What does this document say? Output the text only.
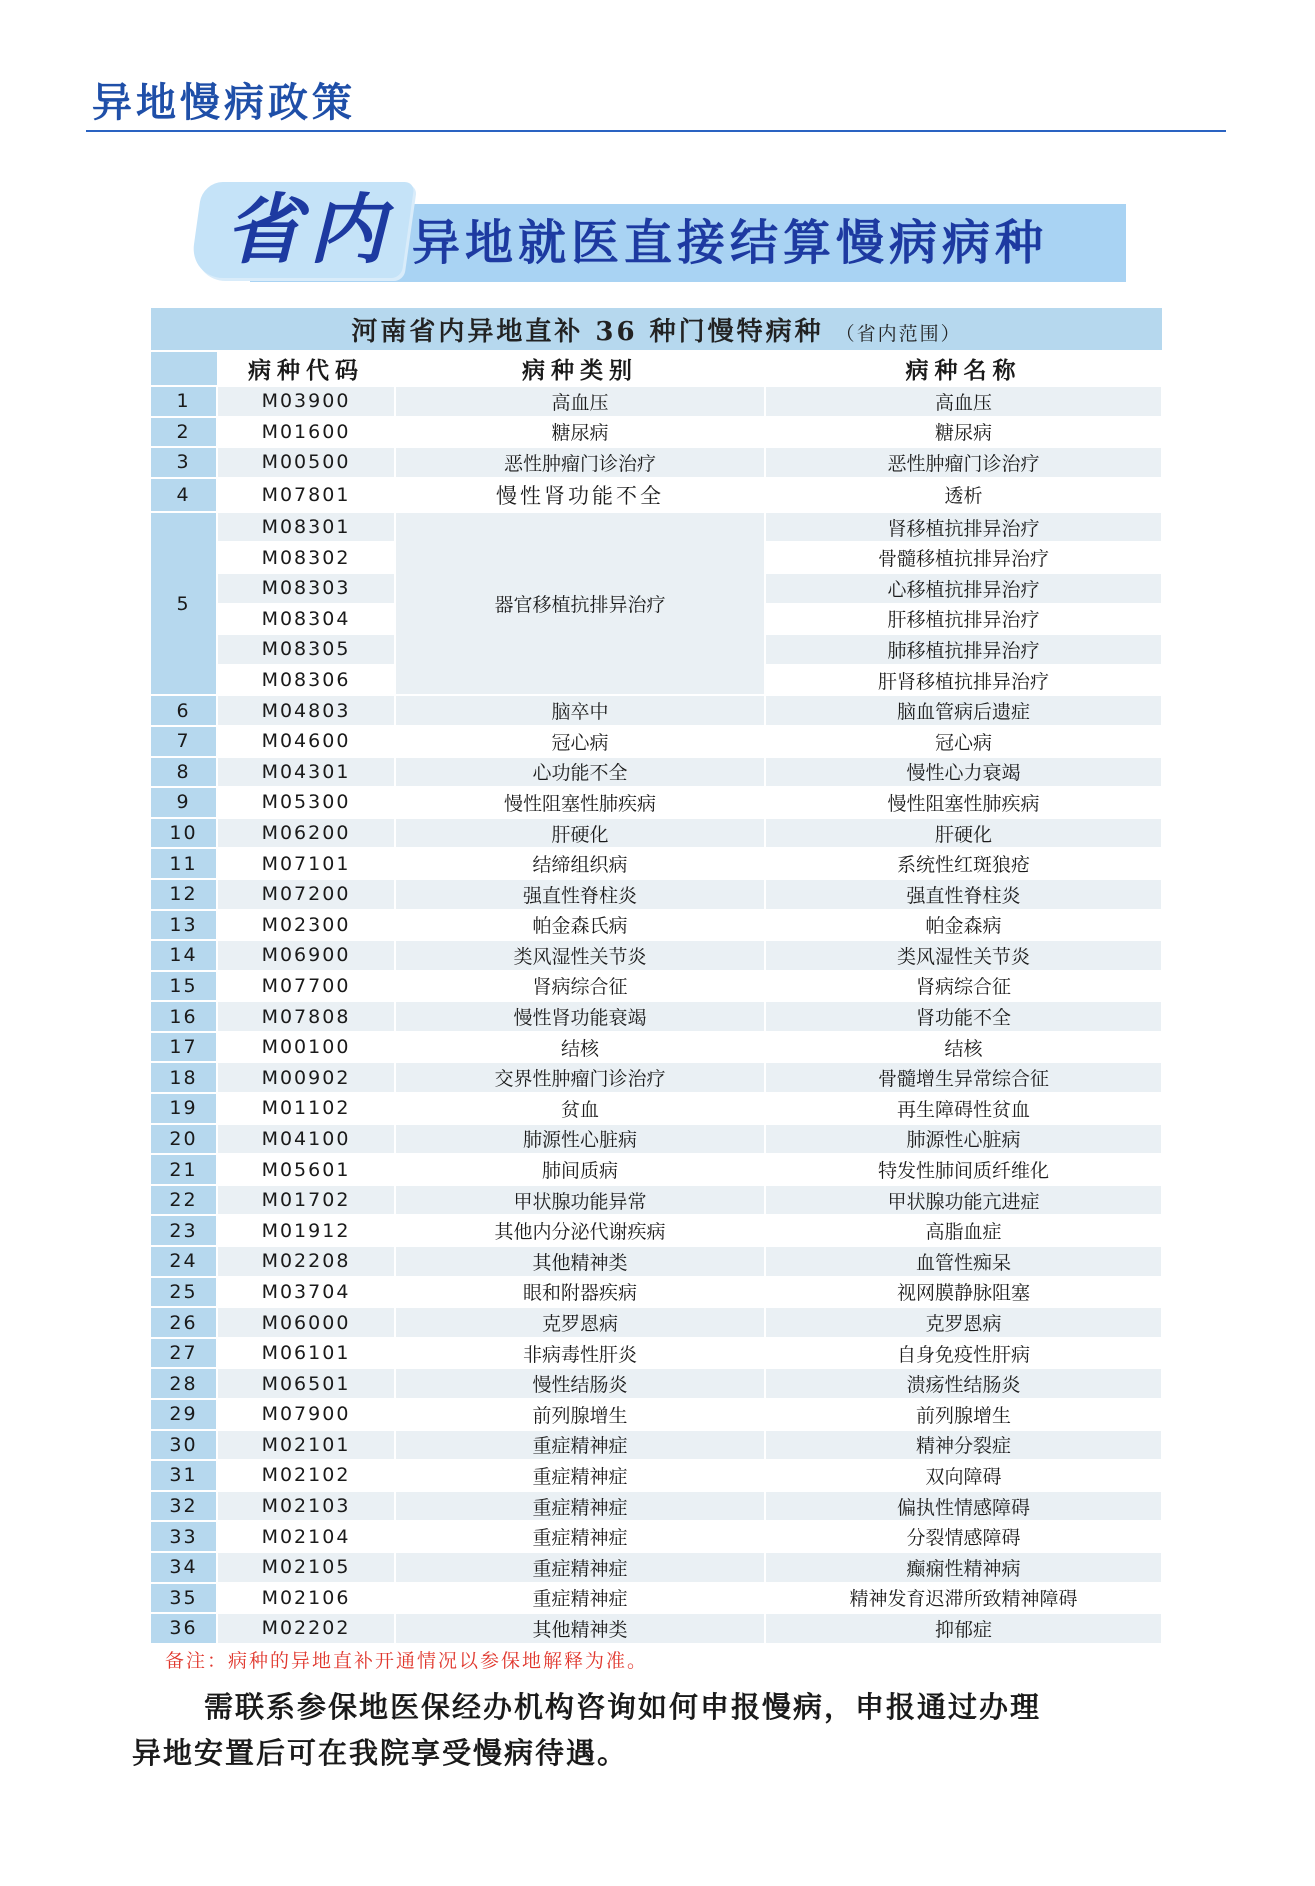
异地慢病政策
省内 异地就医直接结算慢病病种
河南省内异地直补 36 种门慢特病种 （省内范围）			
	病种代码	病种类别	病种名称
1	M03900	高血压	高血压
2	M01600	糖尿病	糖尿病
3	M00500	恶性肿瘤门诊治疗	恶性肿瘤门诊治疗
4	M07801	慢性肾功能不全	透析
5	M08301	器官移植抗排异治疗	肾移植抗排异治疗
	M08302		骨髓移植抗排异治疗
	M08303		心移植抗排异治疗
	M08304		肝移植抗排异治疗
	M08305		肺移植抗排异治疗
	M08306		肝肾移植抗排异治疗
6	M04803	脑卒中	脑血管病后遗症
7	M04600	冠心病	冠心病
8	M04301	心功能不全	慢性心力衰竭
9	M05300	慢性阻塞性肺疾病	慢性阻塞性肺疾病
10	M06200	肝硬化	肝硬化
11	M07101	结缔组织病	系统性红斑狼疮
12	M07200	强直性脊柱炎	强直性脊柱炎
13	M02300	帕金森氏病	帕金森病
14	M06900	类风湿性关节炎	类风湿性关节炎
15	M07700	肾病综合征	肾病综合征
16	M07808	慢性肾功能衰竭	肾功能不全
17	M00100	结核	结核
18	M00902	交界性肿瘤门诊治疗	骨髓增生异常综合征
19	M01102	贫血	再生障碍性贫血
20	M04100	肺源性心脏病	肺源性心脏病
21	M05601	肺间质病	特发性肺间质纤维化
22	M01702	甲状腺功能异常	甲状腺功能亢进症
23	M01912	其他内分泌代谢疾病	高脂血症
24	M02208	其他精神类	血管性痴呆
25	M03704	眼和附器疾病	视网膜静脉阻塞
26	M06000	克罗恩病	克罗恩病
27	M06101	非病毒性肝炎	自身免疫性肝病
28	M06501	慢性结肠炎	溃疡性结肠炎
29	M07900	前列腺增生	前列腺增生
30	M02101	重症精神症	精神分裂症
31	M02102	重症精神症	双向障碍
32	M02103	重症精神症	偏执性情感障碍
33	M02104	重症精神症	分裂情感障碍
34	M02105	重症精神症	癫痫性精神病
35	M02106	重症精神症	精神发育迟滞所致精神障碍
36	M02202	其他精神类	抑郁症
备注：病种的异地直补开通情况以参保地解释为准。			
需联系参保地医保经办机构咨询如何申报慢病，申报通过办理
异地安置后可在我院享受慢病待遇。
